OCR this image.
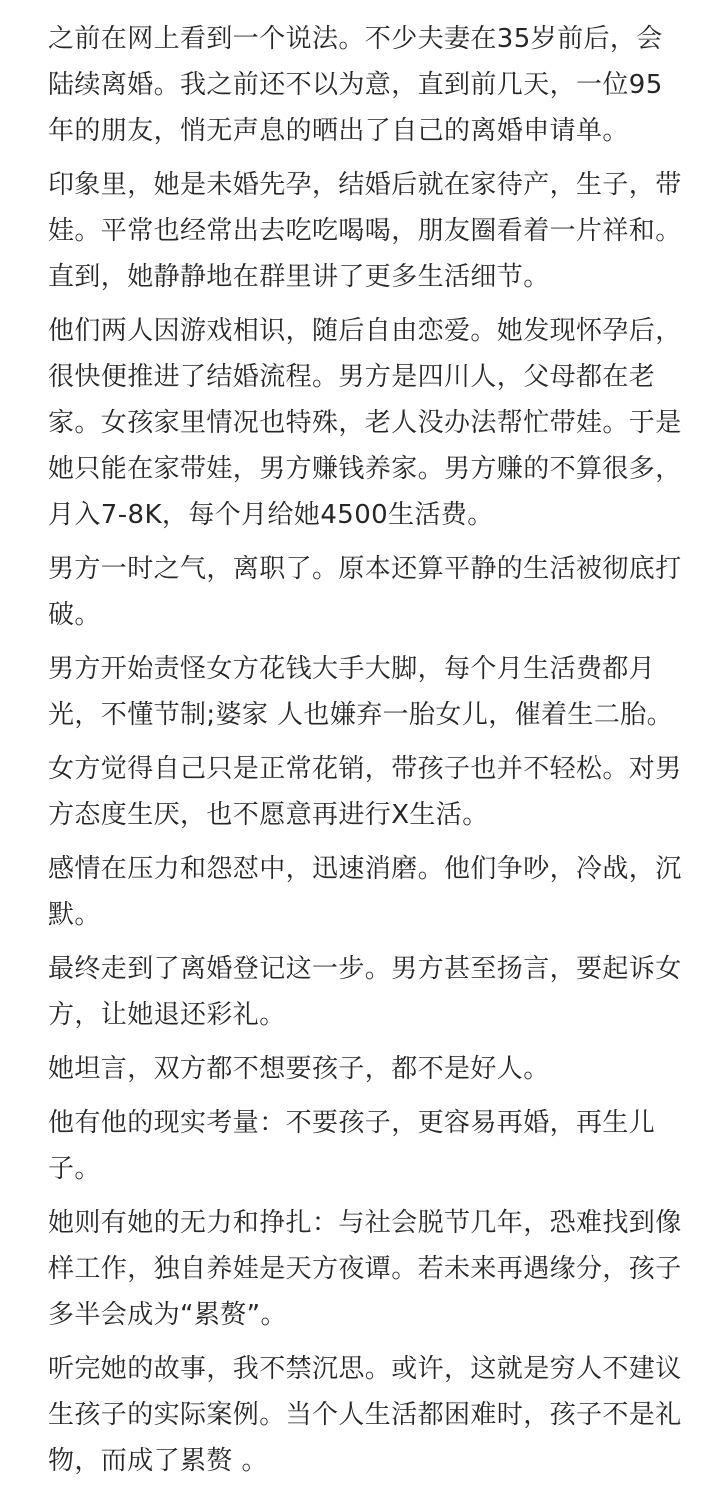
之前在网上看到一个说法。不少夫妻在35岁前后，会陆续离婚。我之前还不以为意，直到前几天，一位95年的朋友，悄无声息的晒出了自己的离婚申请单。

印象里，她是未婚先孕，结婚后就在家待产，生子，带娃。平常也经常出去吃吃喝喝，朋友圈看着一片祥和。直到，她静静地在群里讲了更多生活细节。

他们两人因游戏相识，随后自由恋爱。她发现怀孕后，很快便推进了结婚流程。男方是四川人，父母都在老家。女孩家里情况也特殊，老人没办法帮忙带娃。于是她只能在家带娃，男方赚钱养家。男方赚的不算很多，月入7-8K，每个月给她4500生活费。

男方一时之气，离职了。原本还算平静的生活被彻底打破。

男方开始责怪女方花钱大手大脚，每个月生活费都月光，不懂节制;婆家 人也嫌弃一胎女儿，催着生二胎。

女方觉得自己只是正常花销，带孩子也并不轻松。对男方态度生厌，也不愿意再进行X生活。

感情在压力和怨怼中，迅速消磨。他们争吵，冷战，沉默。

最终走到了离婚登记这一步。男方甚至扬言，要起诉女方，让她退还彩礼。

她坦言，双方都不想要孩子，都不是好人。

他有他的现实考量：不要孩子，更容易再婚，再生儿子。

她则有她的无力和挣扎：与社会脱节几年，恐难找到像样工作，独自养娃是天方夜谭。若未来再遇缘分，孩子多半会成为“累赘”。

听完她的故事，我不禁沉思。或许，这就是穷人不建议生孩子的实际案例。当个人生活都困难时，孩子不是礼物，而成了累赘 。
